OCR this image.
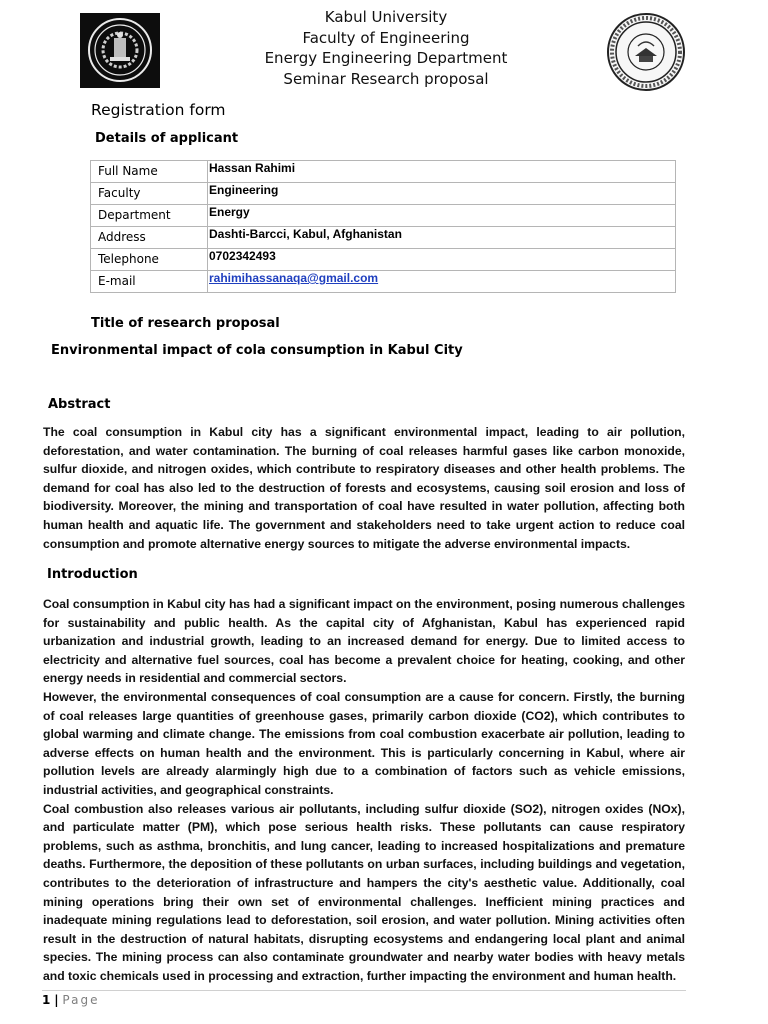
Kabul University
Faculty of Engineering
Energy Engineering Department
Seminar Research proposal
Registration form
Details of applicant
Full Name	Hassan Rahimi
Faculty	Engineering
Department	Energy
Address	Dashti-Barcci, Kabul, Afghanistan
Telephone	0702342493
E-mail	rahimihassanaqa@gmail.com
Title of research proposal
Environmental impact of cola consumption in Kabul City
Abstract

The coal consumption in Kabul city has a significant environmental impact, leading to air pollution, deforestation, and water contamination. The burning of coal releases harmful gases like carbon monoxide, sulfur dioxide, and nitrogen oxides, which contribute to respiratory diseases and other health problems. The demand for coal has also led to the destruction of forests and ecosystems, causing soil erosion and loss of biodiversity. Moreover, the mining and transportation of coal have resulted in water pollution, affecting both human health and aquatic life. The government and stakeholders need to take urgent action to reduce coal consumption and promote alternative energy sources to mitigate the adverse environmental impacts.

Introduction

Coal consumption in Kabul city has had a significant impact on the environment, posing numerous challenges for sustainability and public health. As the capital city of Afghanistan, Kabul has experienced rapid urbanization and industrial growth, leading to an increased demand for energy. Due to limited access to electricity and alternative fuel sources, coal has become a prevalent choice for heating, cooking, and other energy needs in residential and commercial sectors.

However, the environmental consequences of coal consumption are a cause for concern. Firstly, the burning of coal releases large quantities of greenhouse gases, primarily carbon dioxide (CO2), which contributes to global warming and climate change. The emissions from coal combustion exacerbate air pollution, leading to adverse effects on human health and the environment. This is particularly concerning in Kabul, where air pollution levels are already alarmingly high due to a combination of factors such as vehicle emissions, industrial activities, and geographical constraints.

Coal combustion also releases various air pollutants, including sulfur dioxide (SO2), nitrogen oxides (NOx), and particulate matter (PM), which pose serious health risks. These pollutants can cause respiratory problems, such as asthma, bronchitis, and lung cancer, leading to increased hospitalizations and premature deaths. Furthermore, the deposition of these pollutants on urban surfaces, including buildings and vegetation, contributes to the deterioration of infrastructure and hampers the city's aesthetic value. Additionally, coal mining operations bring their own set of environmental challenges. Inefficient mining practices and inadequate mining regulations lead to deforestation, soil erosion, and water pollution. Mining activities often result in the destruction of natural habitats, disrupting ecosystems and endangering local plant and animal species. The mining process can also contaminate groundwater and nearby water bodies with heavy metals and toxic chemicals used in processing and extraction, further impacting the environment and human health.

1 | Page
